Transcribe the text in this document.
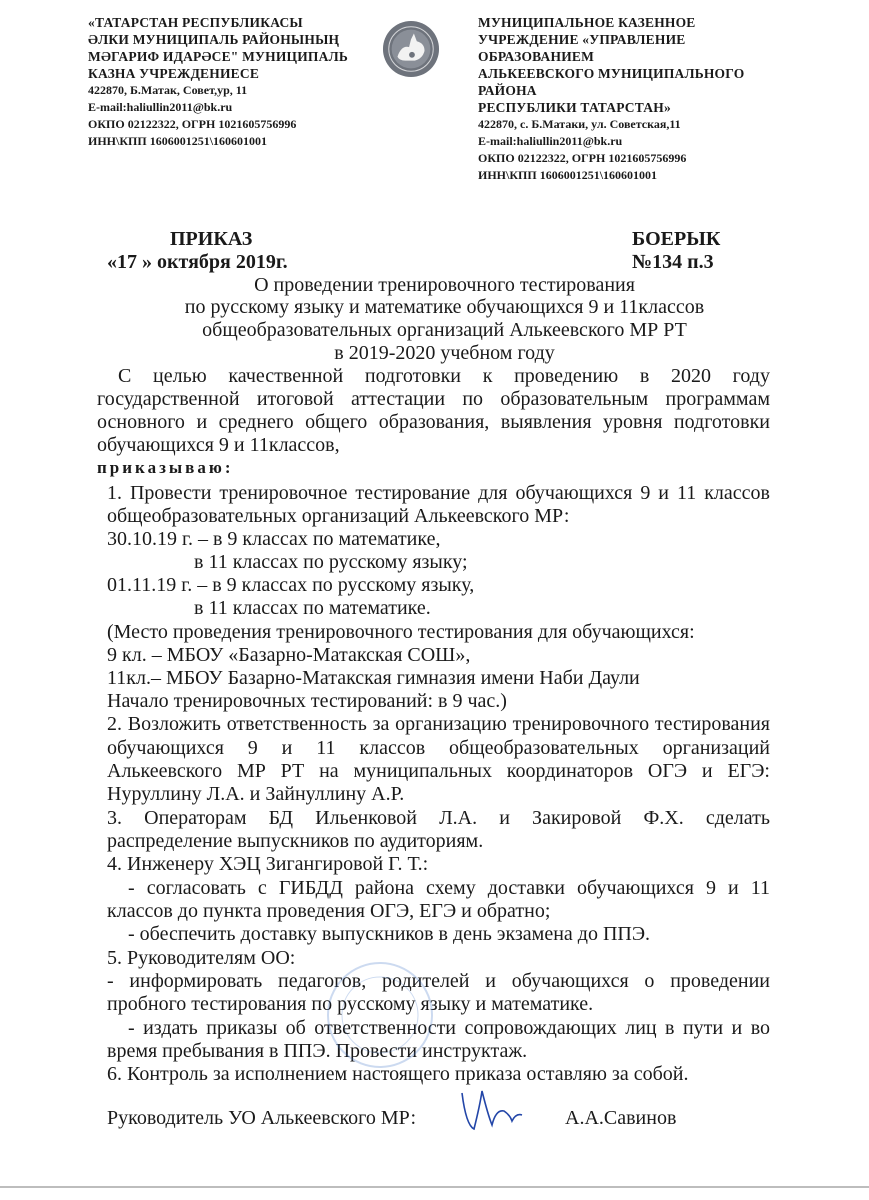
«ТАТАРСТАН РЕСПУБЛИКАСЫ
ӘЛКИ МУНИЦИПАЛЬ РАЙОНЫНЫҢ
МӘГАРИФ ИДАРӘСЕ" МУНИЦИПАЛЬ
КАЗНА УЧРЕЖДЕНИЕСЕ
422870, Б.Матак, Совет,ур, 11
E-mail:haliullin2011@bk.ru
ОКПО 02122322, ОГРН 1021605756996
ИНН\КПП 1606001251\160601001
МУНИЦИПАЛЬНОЕ КАЗЕННОЕ
УЧРЕЖДЕНИЕ «УПРАВЛЕНИЕ
ОБРАЗОВАНИЕМ
АЛЬКЕЕВСКОГО МУНИЦИПАЛЬНОГО
РАЙОНА
РЕСПУБЛИКИ ТАТАРСТАН»
422870, с. Б.Матаки, ул. Советская,11
E-mail:haliullin2011@bk.ru
ОКПО 02122322, ОГРН 1021605756996
ИНН\КПП 1606001251\160601001
ПРИКАЗ	БОЕРЫК
«17 » октября 2019г.	№134 п.3
О проведении тренировочного тестирования
по русскому языку и математике обучающихся 9 и 11классов
общеобразовательных организаций Алькеевского МР РТ
в 2019-2020 учебном году
С целью качественной подготовки к проведению в 2020 году
государственной итоговой аттестации по образовательным программам
основного и среднего общего образования, выявления уровня подготовки
обучающихся 9 и 11классов,
приказываю:
1. Провести тренировочное тестирование для обучающихся 9 и 11 классов
общеобразовательных организаций Алькеевского МР:
30.10.19 г. – в 9 классах по математике,
в 11 классах по русскому языку;
01.11.19 г. – в 9 классах по русскому языку,
в 11 классах по математике.
(Место проведения тренировочного тестирования для обучающихся:
9 кл. – МБОУ «Базарно-Матакская СОШ»,
11кл.– МБОУ Базарно-Матакская гимназия имени Наби Даули
Начало тренировочных тестирований: в 9 час.)
2. Возложить ответственность за организацию тренировочного тестирования
обучающихся 9 и 11 классов общеобразовательных организаций
Алькеевского МР РТ на муниципальных координаторов ОГЭ и ЕГЭ:
Нуруллину Л.А. и Зайнуллину А.Р.
3. Операторам БД Ильенковой Л.А. и Закировой Ф.Х. сделать
распределение выпускников по аудиториям.
4. Инженеру ХЭЦ Зигангировой Г. Т.:
- согласовать с ГИБДД района схему доставки обучающихся 9 и 11
классов до пункта проведения ОГЭ, ЕГЭ и обратно;
- обеспечить доставку выпускников в день экзамена до ППЭ.
5. Руководителям ОО:
- информировать педагогов, родителей и обучающихся о проведении
пробного тестирования по русскому языку и математике.
- издать приказы об ответственности сопровождающих лиц в пути и во
время пребывания в ППЭ. Провести инструктаж.
6. Контроль за исполнением настоящего приказа оставляю за собой.
Руководитель УО Алькеевского МР:	А.А.Савинов
